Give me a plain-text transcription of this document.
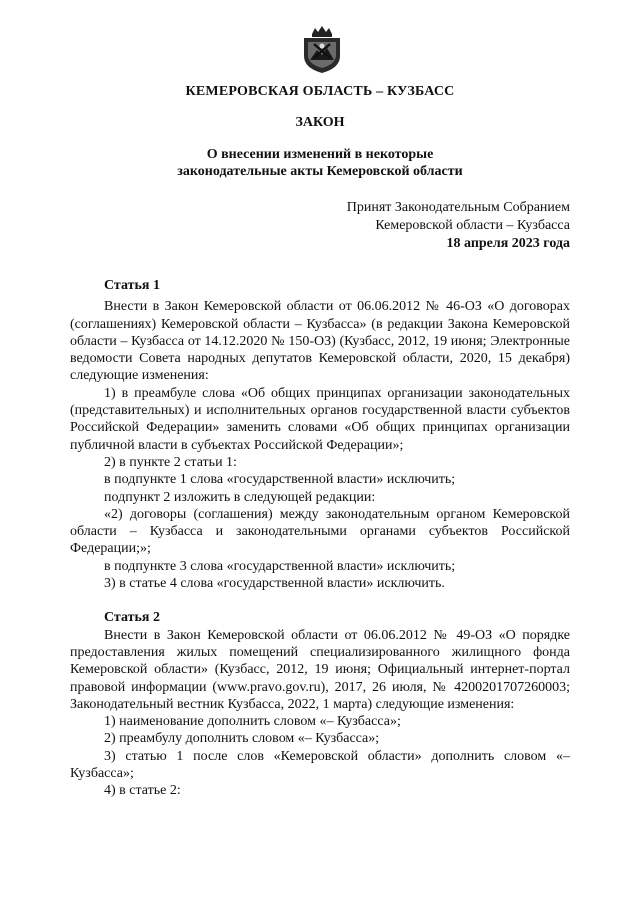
КЕМЕРОВСКАЯ ОБЛАСТЬ – КУЗБАСС
ЗАКОН
О внесении изменений в некоторые
законодательные акты Кемеровской области
Принят Законодательным Собранием
Кемеровской области – Кузбасса
18 апреля 2023 года
Статья 1

Внести в Закон Кемеровской области от 06.06.2012 № 46-ОЗ «О договорах (соглашениях) Кемеровской области – Кузбасса» (в редакции Закона Кемеровской области – Кузбасса от 14.12.2020 № 150-ОЗ) (Кузбасс, 2012, 19 июня; Электронные ведомости Совета народных депутатов Кемеровской области, 2020, 15 декабря) следующие изменения:

1) в преамбуле слова «Об общих принципах организации законодательных (представительных) и исполнительных органов государственной власти субъектов Российской Федерации» заменить словами «Об общих принципах организации публичной власти в субъектах Российской Федерации»;

2) в пункте 2 статьи 1:

в подпункте 1 слова «государственной власти» исключить;

подпункт 2 изложить в следующей редакции:

«2) договоры (соглашения) между законодательным органом Кемеровской области – Кузбасса и законодательными органами субъектов Российской Федерации;»;

в подпункте 3 слова «государственной власти» исключить;

3) в статье 4 слова «государственной власти» исключить.

Статья 2

Внести в Закон Кемеровской области от 06.06.2012 № 49-ОЗ «О порядке предоставления жилых помещений специализированного жилищного фонда Кемеровской области» (Кузбасс, 2012, 19 июня; Официальный интернет-портал правовой информации (www.pravo.gov.ru), 2017, 26 июля, № 4200201707260003; Законодательный вестник Кузбасса, 2022, 1 марта) следующие изменения:

1) наименование дополнить словом «– Кузбасса»;

2) преамбулу дополнить словом «– Кузбасса»;

3) статью 1 после слов «Кемеровской области» дополнить словом «– Кузбасса»;

4) в статье 2:
